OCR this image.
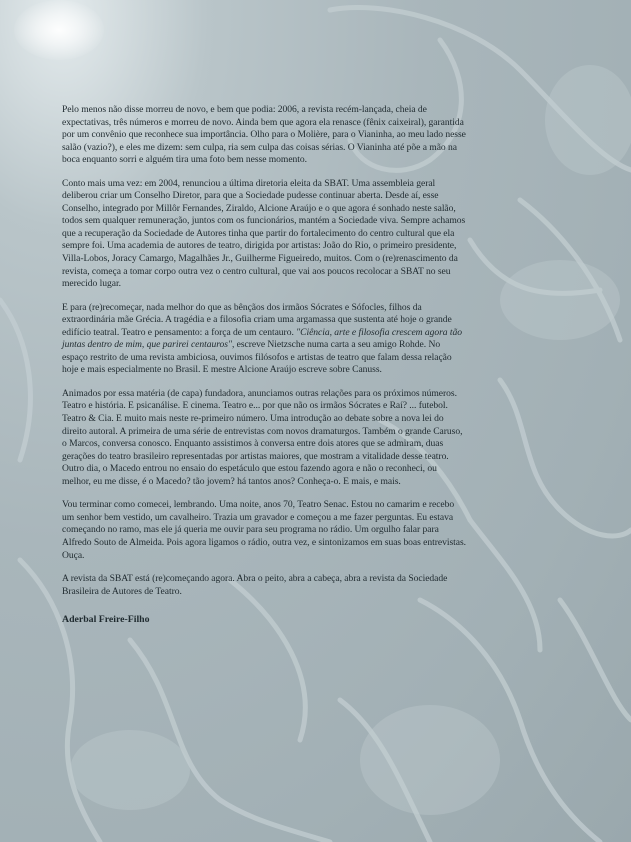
Pelo menos não disse morreu de novo, e bem que podia: 2006, a revista recém-lançada, cheia de expectativas, três números e morreu de novo. Ainda bem que agora ela renasce (fênix caixeiral), garantida por um convênio que reconhece sua importância. Olho para o Molière, para o Vianinha, ao meu lado nesse salão (vazio?), e eles me dizem: sem culpa, ria sem culpa das coisas sérias. O Vianinha até põe a mão na boca enquanto sorri e alguém tira uma foto bem nesse momento.

Conto mais uma vez: em 2004, renunciou a última diretoria eleita da SBAT. Uma assembleia geral deliberou criar um Conselho Diretor, para que a Sociedade pudesse continuar aberta. Desde aí, esse Conselho, integrado por Millôr Fernandes, Ziraldo, Alcione Araújo e o que agora é sonhado neste salão, todos sem qualquer remuneração, juntos com os funcionários, mantém a Sociedade viva. Sempre achamos que a recuperação da Sociedade de Autores tinha que partir do fortalecimento do centro cultural que ela sempre foi. Uma academia de autores de teatro, dirigida por artistas: João do Rio, o primeiro presidente, Villa-Lobos, Joracy Camargo, Magalhães Jr., Guilherme Figueiredo, muitos. Com o (re)renascimento da revista, começa a tomar corpo outra vez o centro cultural, que vai aos poucos recolocar a SBAT no seu merecido lugar.

E para (re)recomeçar, nada melhor do que as bênçãos dos irmãos Sócrates e Sófocles, filhos da extraordinária mãe Grécia. A tragédia e a filosofia criam uma argamassa que sustenta até hoje o grande edifício teatral. Teatro e pensamento: a força de um centauro. "Ciência, arte e filosofia crescem agora tão juntas dentro de mim, que parirei centauros", escreve Nietzsche numa carta a seu amigo Rohde. No espaço restrito de uma revista ambiciosa, ouvimos filósofos e artistas de teatro que falam dessa relação hoje e mais especialmente no Brasil. E mestre Alcione Araújo escreve sobre Canuss.

Animados por essa matéria (de capa) fundadora, anunciamos outras relações para os próximos números. Teatro e história. E psicanálise. E cinema. Teatro e... por que não os irmãos Sócrates e Raí? ... futebol. Teatro & Cia. E muito mais neste re-primeiro número. Uma introdução ao debate sobre a nova lei do direito autoral. A primeira de uma série de entrevistas com novos dramaturgos. Também o grande Caruso, o Marcos, conversa conosco. Enquanto assistimos à conversa entre dois atores que se admiram, duas gerações do teatro brasileiro representadas por artistas maiores, que mostram a vitalidade desse teatro. Outro dia, o Macedo entrou no ensaio do espetáculo que estou fazendo agora e não o reconheci, ou melhor, eu me disse, é o Macedo? tão jovem? há tantos anos? Conheça-o. E mais, e mais.

Vou terminar como comecei, lembrando. Uma noite, anos 70, Teatro Senac. Estou no camarim e recebo um senhor bem vestido, um cavalheiro. Trazia um gravador e começou a me fazer perguntas. Eu estava começando no ramo, mas ele já queria me ouvir para seu programa no rádio. Um orgulho falar para Alfredo Souto de Almeida. Pois agora ligamos o rádio, outra vez, e sintonizamos em suas boas entrevistas. Ouça.

A revista da SBAT está (re)começando agora. Abra o peito, abra a cabeça, abra a revista da Sociedade Brasileira de Autores de Teatro.

Aderbal Freire-Filho
